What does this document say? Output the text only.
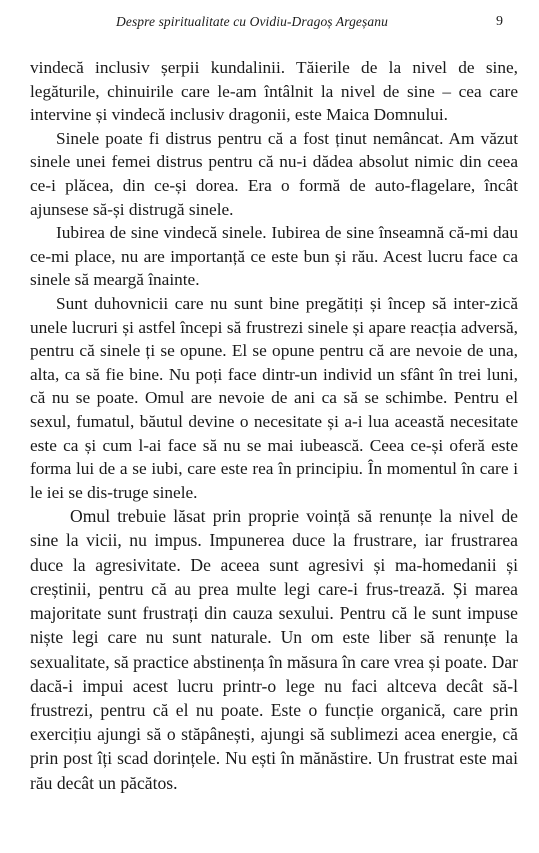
Despre spiritualitate cu Ovidiu-Dragoș Argeșanu	9

vindecă inclusiv șerpii kundalinii. Tăierile de la nivel de sine, legăturile, chinuirile care le-am întâlnit la nivel de sine – cea care intervine și vindecă inclusiv dragonii, este Maica Domnului.

Sinele poate fi distrus pentru că a fost ținut nemâncat. Am văzut sinele unei femei distrus pentru că nu-i dădea absolut nimic din ceea ce-i plăcea, din ce-și dorea. Era o formă de auto-flagelare, încât ajunsese să-și distrugă sinele.

Iubirea de sine vindecă sinele. Iubirea de sine înseamnă că-mi dau ce-mi place, nu are importanță ce este bun și rău. Acest lucru face ca sinele să meargă înainte.

Sunt duhovnicii care nu sunt bine pregătiți și încep să inter-zică unele lucruri și astfel începi să frustrezi sinele și apare reacția adversă, pentru că sinele ți se opune. El se opune pentru că are nevoie de una, alta, ca să fie bine. Nu poți face dintr-un individ un sfânt în trei luni, că nu se poate. Omul are nevoie de ani ca să se schimbe. Pentru el sexul, fumatul, băutul devine o necesitate și a-i lua această necesitate este ca și cum l-ai face să nu se mai iubească. Ceea ce-și oferă este forma lui de a se iubi, care este rea în principiu. În momentul în care i le iei se dis-truge sinele.

Omul trebuie lăsat prin proprie voință să renunțe la nivel de sine la vicii, nu impus. Impunerea duce la frustrare, iar frustrarea duce la agresivitate. De aceea sunt agresivi și ma-homedanii și creștinii, pentru că au prea multe legi care-i frus-trează. Și marea majoritate sunt frustrați din cauza sexului. Pentru că le sunt impuse niște legi care nu sunt naturale. Un om este liber să renunțe la sexualitate, să practice abstinența în măsura în care vrea și poate. Dar dacă-i impui acest lucru printr-o lege nu faci altceva decât să-l frustrezi, pentru că el nu poate. Este o funcție organică, care prin exercițiu ajungi să o stăpânești, ajungi să sublimezi acea energie, că prin post îți scad dorințele. Nu ești în mănăstire. Un frustrat este mai rău decât un păcătos.
